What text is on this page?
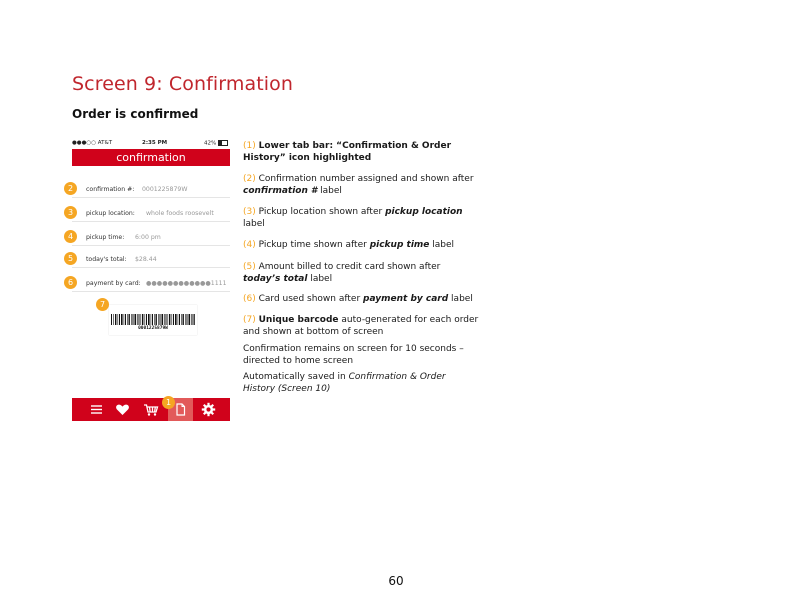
Screen 9: Confirmation
Order is confirmed
●●●○○ AT&T	2:35 PM	42%
confirmation
confirmation #: 0001225879W
pickup location: whole foods roosevelt
pickup time: 6:00 pm
today's total: $28.44
payment by card: ●●●●●●●●●●●●1111
0001225879W
2
3
4
5
6
7
1
(1) Lower tab bar: “Confirmation & Order History” icon highlighted
(2) Confirmation number assigned and shown after confirmation # label
(3) Pickup location shown after pickup location label
(4) Pickup time shown after pickup time label
(5) Amount billed to credit card shown after today’s total label
(6) Card used shown after payment by card label
(7) Unique barcode auto-generated for each order and shown at bottom of screen
Confirmation remains on screen for 10 seconds – directed to home screen
Automatically saved in Confirmation & Order History (Screen 10)
60
